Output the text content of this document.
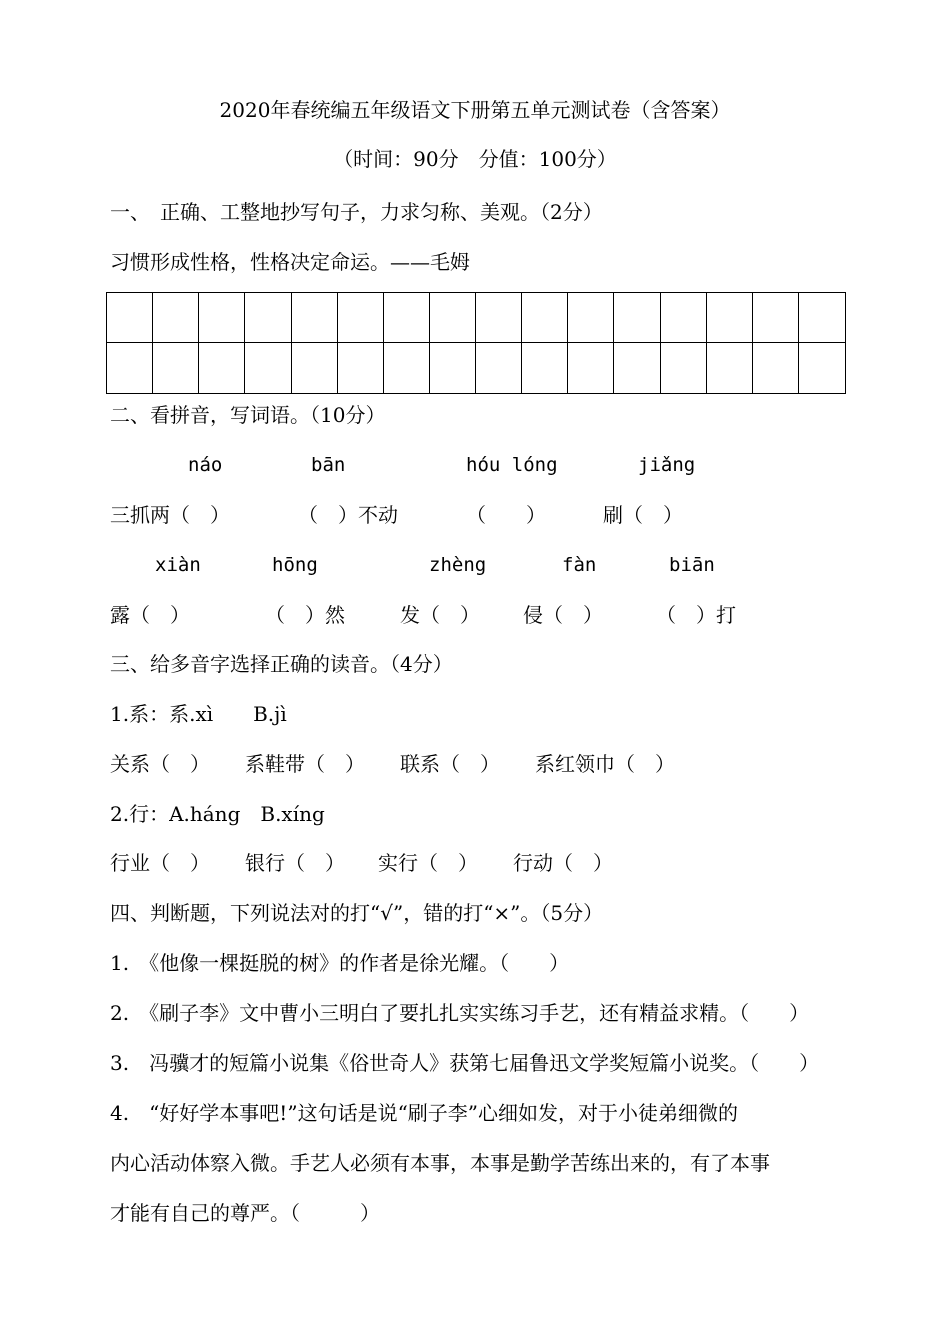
2020年春统编五年级语文下册第五单元测试卷（含答案）
（时间：90分　分值：100分）
一、　正确、工整地抄写句子，力求匀称、美观。（2分）
习惯形成性格，性格决定命运。——毛姆
二、看拼音，写词语。（10分）
náo	bān	hóu lóng	jiǎng
三抓两（　）	（　）不动	（　　）	刷（　）
xiàn	hōng	zhèng	fàn	biān
露（　）	（　）然	发（　） 侵（　）	（　）打
三、给多音字选择正确的读音。（4分）
1.系：系.xì　　B.jì
关系（　） 系鞋带（　） 联系（　） 系红领巾（　）
2.行：A.háng　B.xíng
行业（　） 银行（　） 实行（　） 行动（　）
四、判断题，下列说法对的打“√”，错的打“×”。（5分）
1.　《他像一棵挺脱的树》的作者是徐光耀。（　　）
2.　《刷子李》文中曹小三明白了要扎扎实实练习手艺，还有精益求精。（　　）
3.　冯骥才的短篇小说集《俗世奇人》获第七届鲁迅文学奖短篇小说奖。（　　）
4.　“好好学本事吧!”这句话是说“刷子李”心细如发，对于小徒弟细微的
内心活动体察入微。手艺人必须有本事，本事是勤学苦练出来的，有了本事
才能有自己的尊严。（　　　）
